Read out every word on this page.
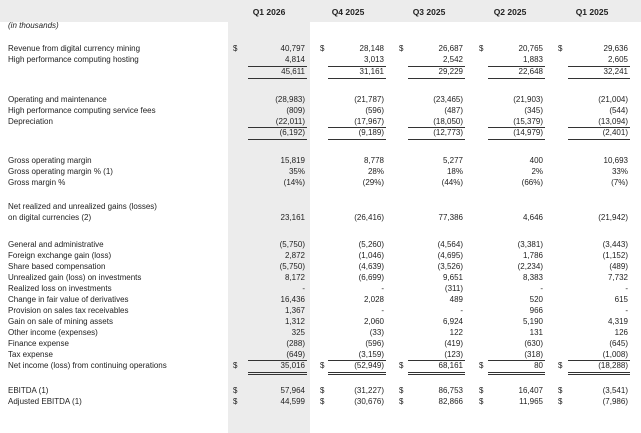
Q1 2026	Q4 2025	Q3 2025	Q2 2025	Q1 2025
(in thousands)
Revenue from digital currency mining	$	40,797 $	28,148 $	26,687 $	20,765 $	29,636
High performance computing hosting	4,814	3,013	2,542	1,883	2,605
45,611	31,161	29,229	22,648	32,241
Operating and maintenance	(28,983)	(21,787)	(23,465)	(21,903)	(21,004)
High performance computing service fees	(809)	(596)	(487)	(345)	(544)
Depreciation	(22,011)	(17,967)	(18,050)	(15,379)	(13,094)
(6,192)	(9,189)	(12,773)	(14,979)	(2,401)
Gross operating margin	15,819	8,778	5,277	400	10,693
Gross operating margin % (1)	35%	28%	18%	2%	33%
Gross margin %	(14%)	(29%)	(44%)	(66%)	(7%)
Net realized and unrealized gains (losses)
on digital currencies (2)	23,161	(26,416)	77,386	4,646	(21,942)
General and administrative	(5,750)	(5,260)	(4,564)	(3,381)	(3,443)
Foreign exchange gain (loss)	2,872	(1,046)	(4,695)	1,786	(1,152)
Share based compensation	(5,750)	(4,639)	(3,526)	(2,234)	(489)
Unrealized gain (loss) on investments	8,172	(6,699)	9,651	8,383	7,732
Realized loss on investments	-	-	(311)	-	-
Change in fair value of derivatives	16,436	2,028	489	520	615
Provision on sales tax receivables	1,367	-	-	966	-
Gain on sale of mining assets	1,312	2,060	6,924	5,190	4,319
Other income (expenses)	325	(33)	122	131	126
Finance expense	(288)	(596)	(419)	(630)	(645)
Tax expense	(649)	(3,159)	(123)	(318)	(1,008)
Net income (loss) from continuing operations	$	35,016 $	(52,949) $	68,161 $	80 $	(18,288)
EBITDA (1)	$	57,964 $	(31,227) $	86,753 $	16,407 $	(3,541)
Adjusted EBITDA (1)	$	44,599 $	(30,676) $	82,866 $	11,965 $	(7,986)
